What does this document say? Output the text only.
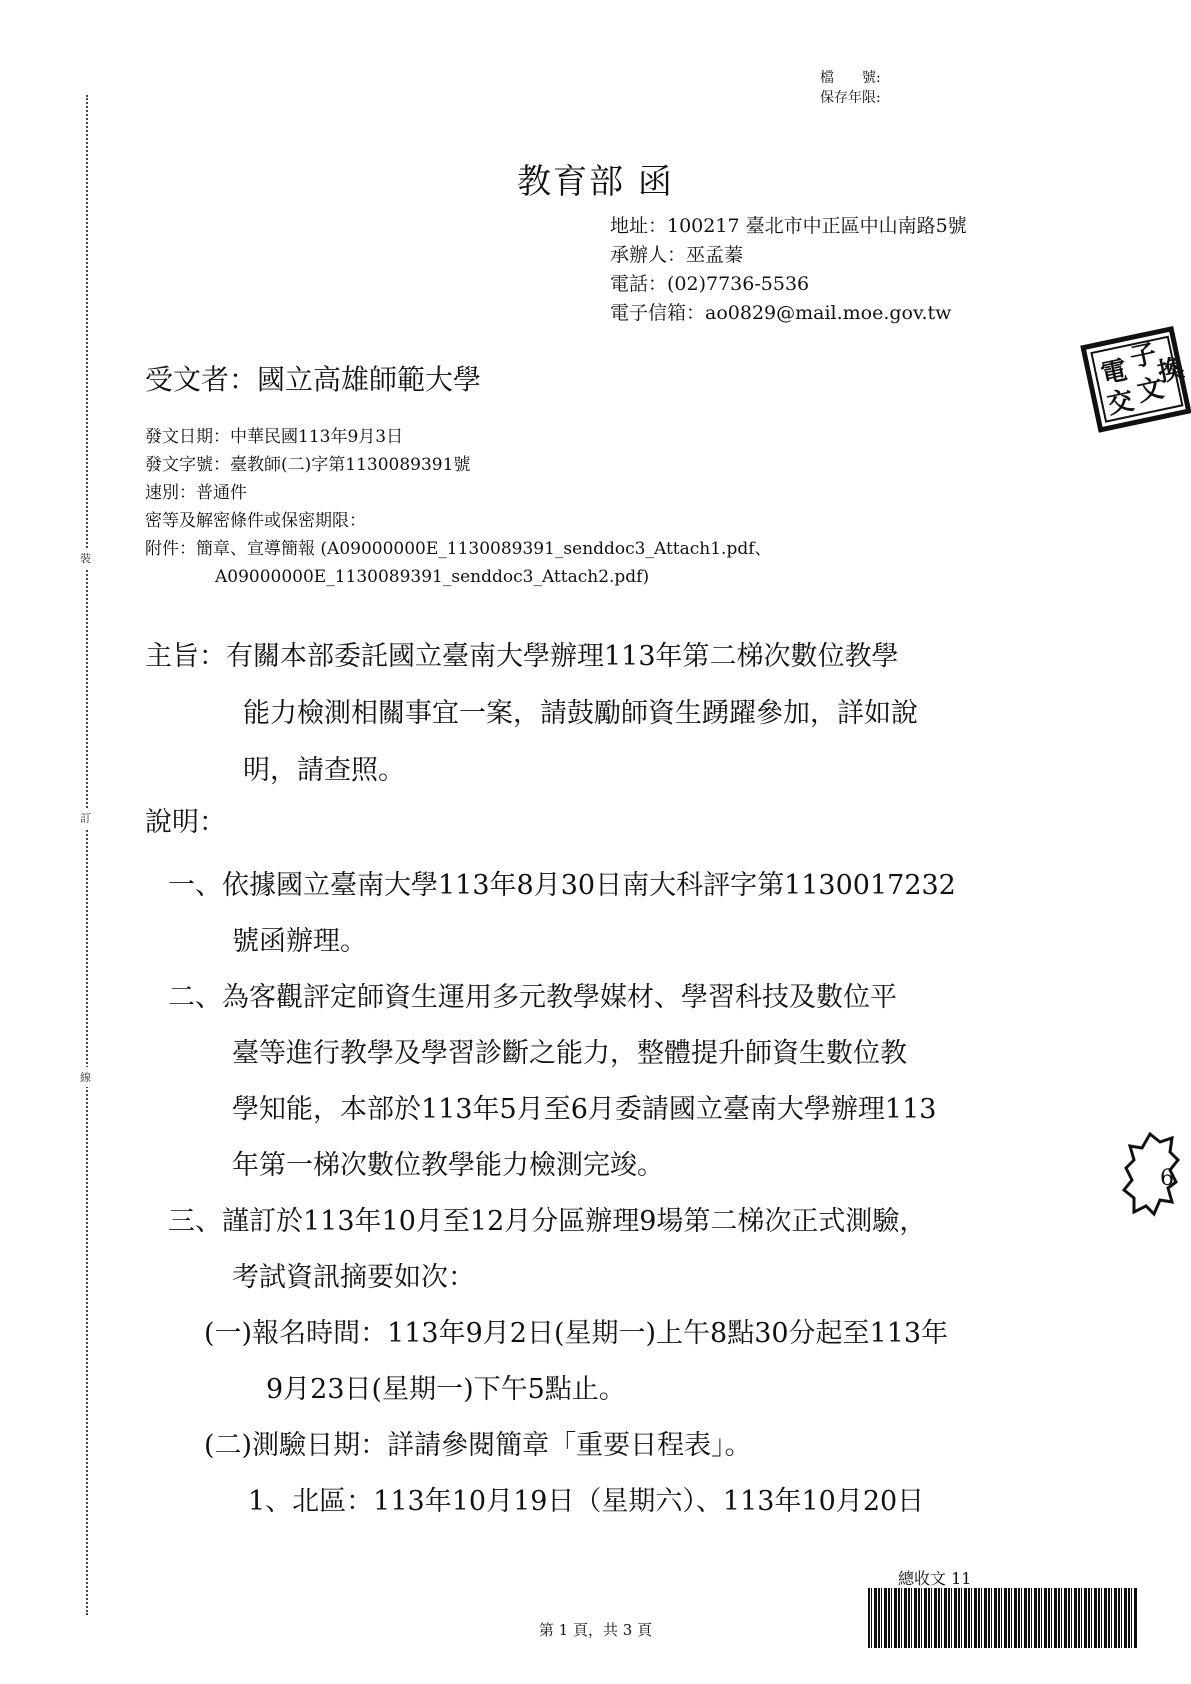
裝
訂
線
檔　　號:
保存年限:
教育部 函
地址：100217 臺北市中正區中山南路5號
承辦人：巫孟蓁
電話：(02)7736-5536
電子信箱：ao0829@mail.moe.gov.tw
電
子
交
文
換
受文者：國立高雄師範大學
發文日期：中華民國113年9月3日
發文字號：臺教師(二)字第1130089391號
速別：普通件
密等及解密條件或保密期限：
附件：簡章、宣導簡報 (A09000000E_1130089391_senddoc3_Attach1.pdf、
A09000000E_1130089391_senddoc3_Attach2.pdf)
主旨：有關本部委託國立臺南大學辦理113年第二梯次數位教學
能力檢測相關事宜一案，請鼓勵師資生踴躍參加，詳如說
明，請查照。
說明：
一、依據國立臺南大學113年8月30日南大科評字第1130017232
號函辦理。
二、為客觀評定師資生運用多元教學媒材、學習科技及數位平
臺等進行教學及學習診斷之能力，整體提升師資生數位教
學知能，本部於113年5月至6月委請國立臺南大學辦理113
年第一梯次數位教學能力檢測完竣。
三、謹訂於113年10月至12月分區辦理9場第二梯次正式測驗，
考試資訊摘要如次：
(一)報名時間：113年9月2日(星期一)上午8點30分起至113年
9月23日(星期一)下午5點止。
(二)測驗日期：詳請參閱簡章「重要日程表」。
1、北區：113年10月19日（星期六）、113年10月20日
6
總收文 11
第 1 頁，共 3 頁
